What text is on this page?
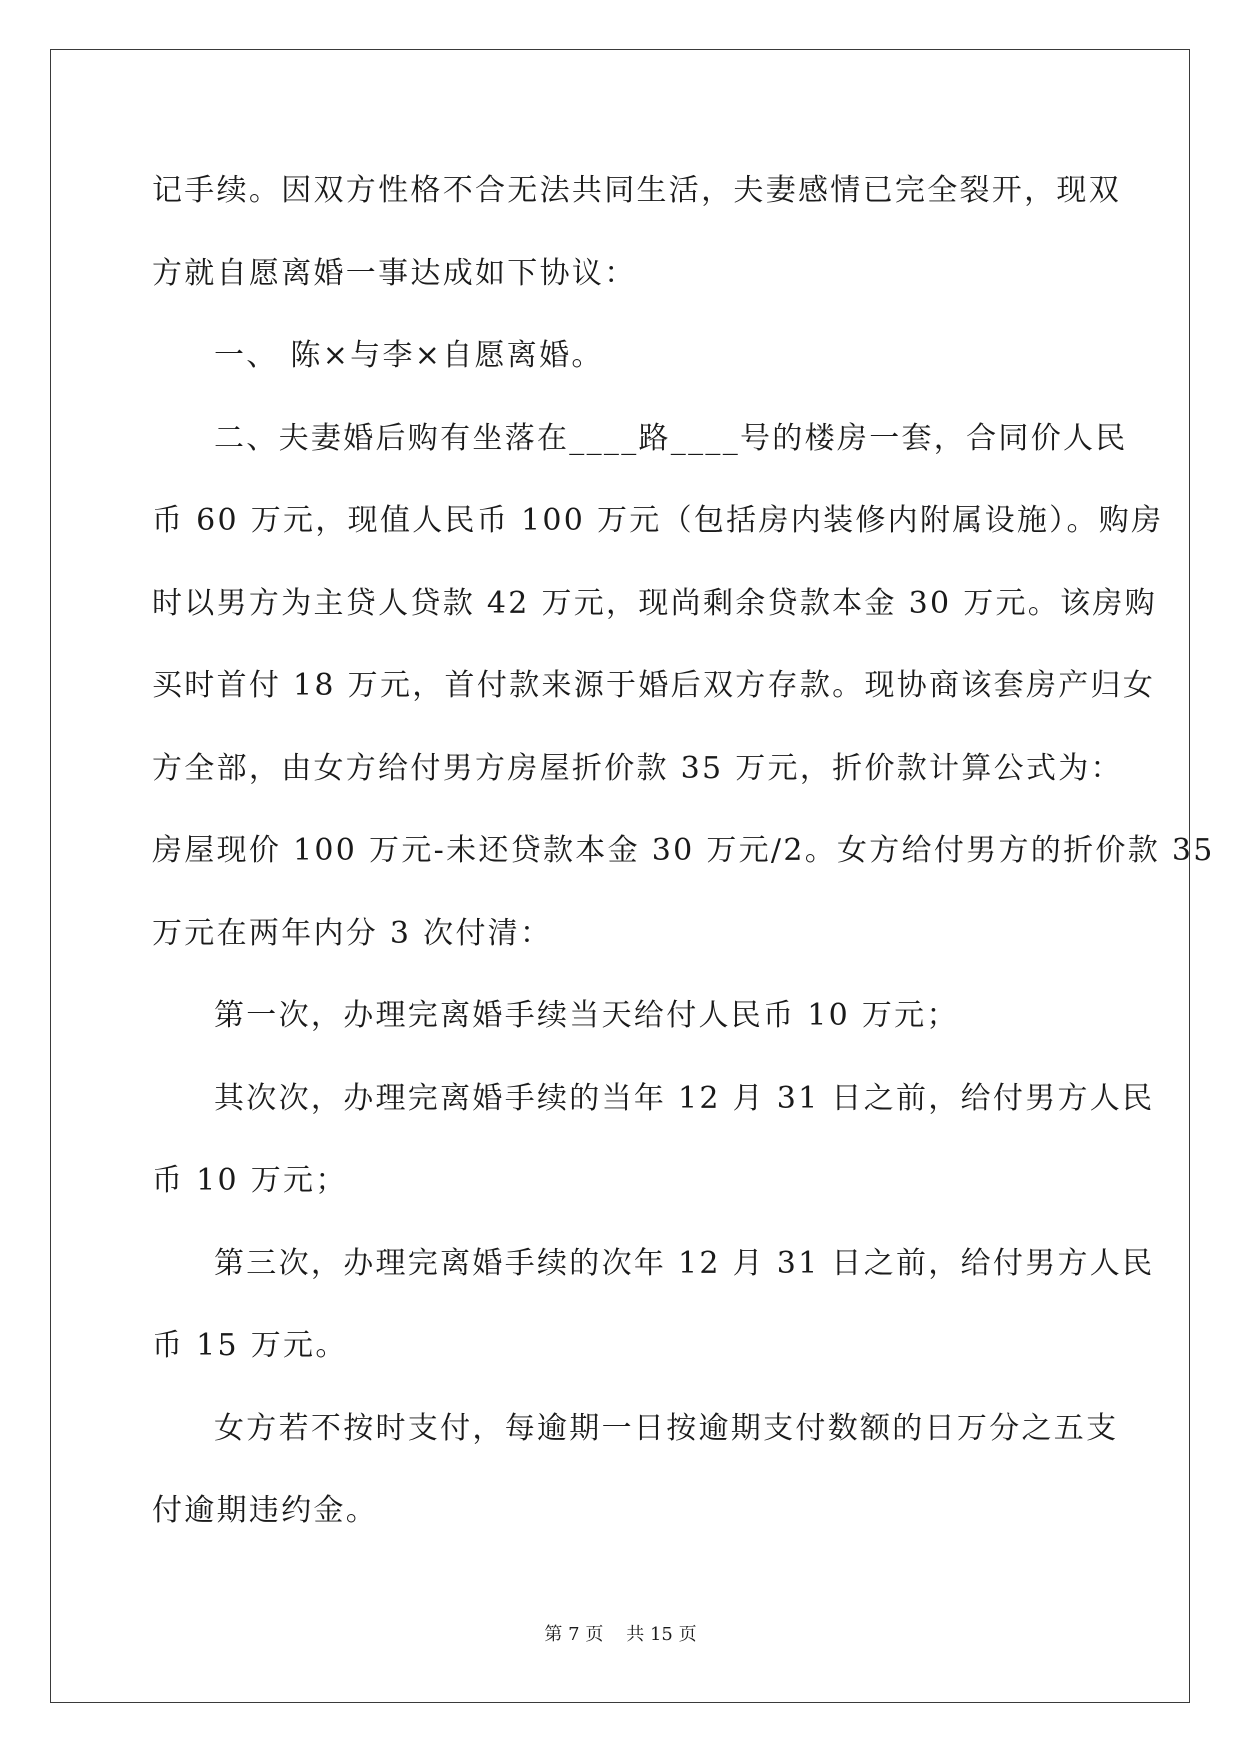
记手续。因双方性格不合无法共同生活，夫妻感情已完全裂开，现双
方就自愿离婚一事达成如下协议：
一、 陈×与李×自愿离婚。
二、夫妻婚后购有坐落在____路____号的楼房一套，合同价人民
币 60 万元，现值人民币 100 万元（包括房内装修内附属设施）。购房
时以男方为主贷人贷款 42 万元，现尚剩余贷款本金 30 万元。该房购
买时首付 18 万元，首付款来源于婚后双方存款。现协商该套房产归女
方全部，由女方给付男方房屋折价款 35 万元，折价款计算公式为：
房屋现价 100 万元-未还贷款本金 30 万元/2。女方给付男方的折价款 35
万元在两年内分 3 次付清：
第一次，办理完离婚手续当天给付人民币 10 万元；
其次次，办理完离婚手续的当年 12 月 31 日之前，给付男方人民
币 10 万元；
第三次，办理完离婚手续的次年 12 月 31 日之前，给付男方人民
币 15 万元。
女方若不按时支付，每逾期一日按逾期支付数额的日万分之五支
付逾期违约金。
第 7 页 共 15 页
